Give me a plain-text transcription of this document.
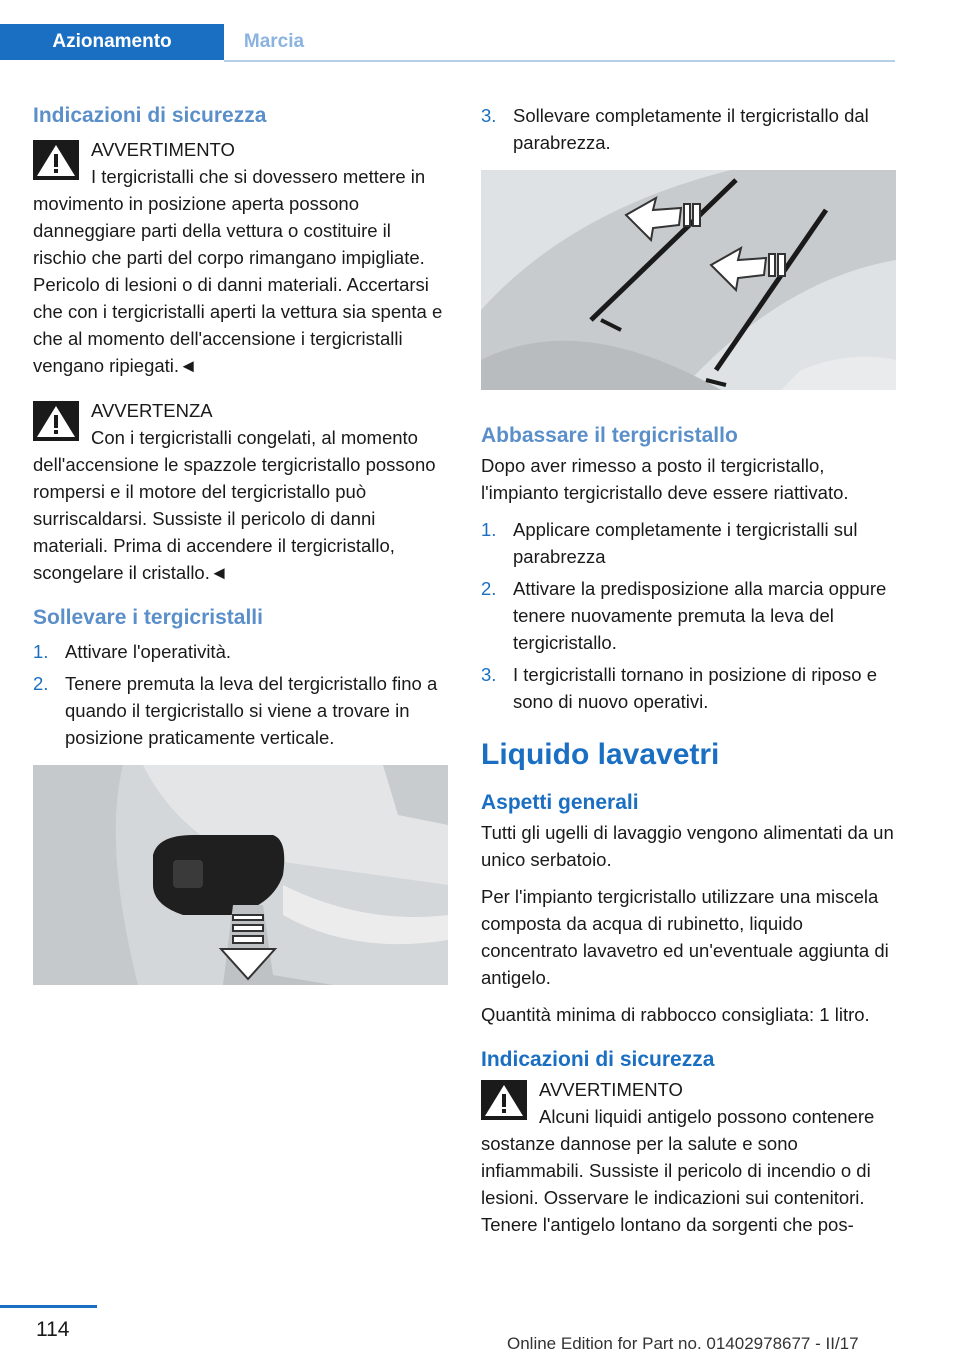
Azionamento	Marcia
Indicazioni di sicurezza
AVVERTIMENTO
I tergicristalli che si dovessero mettere in movimento in posizione aperta possono danneggiare parti della vettura o costituire il rischio che parti del corpo rimangano impigliate. Pericolo di lesioni o di danni materiali. Accertarsi che con i tergicristalli aperti la vettura sia spenta e che al momento dell'accensione i tergicristalli vengano ripiegati.◄
AVVERTENZA
Con i tergicristalli congelati, al momento dell'accensione le spazzole tergicristallo possono rompersi e il motore del tergicristallo può surriscaldarsi. Sussiste il pericolo di danni materiali. Prima di accendere il tergicristallo, scongelare il cristallo.◄
Sollevare i tergicristalli
1. Attivare l'operatività.
2. Tenere premuta la leva del tergicristallo fino a quando il tergicristallo si viene a trovare in posizione praticamente verticale.
3. Sollevare completamente il tergicristallo dal parabrezza.
Abbassare il tergicristallo

Dopo aver rimesso a posto il tergicristallo, l'impianto tergicristallo deve essere riattivato.

1. Applicare completamente i tergicristalli sul parabrezza
2. Attivare la predisposizione alla marcia oppure tenere nuovamente premuta la leva del tergicristallo.
3. I tergicristalli tornano in posizione di riposo e sono di nuovo operativi.
Liquido lavavetri
Aspetti generali

Tutti gli ugelli di lavaggio vengono alimentati da un unico serbatoio.

Per l'impianto tergicristallo utilizzare una miscela composta da acqua di rubinetto, liquido concentrato lavavetro ed un'eventuale aggiunta di antigelo.

Quantità minima di rabbocco consigliata: 1 litro.

Indicazioni di sicurezza
AVVERTIMENTO
Alcuni liquidi antigelo possono contenere sostanze dannose per la salute e sono infiammabili. Sussiste il pericolo di incendio o di lesioni. Osservare le indicazioni sui contenitori. Tenere l'antigelo lontano da sorgenti che pos-
114
Online Edition for Part no. 01402978677 - II/17
